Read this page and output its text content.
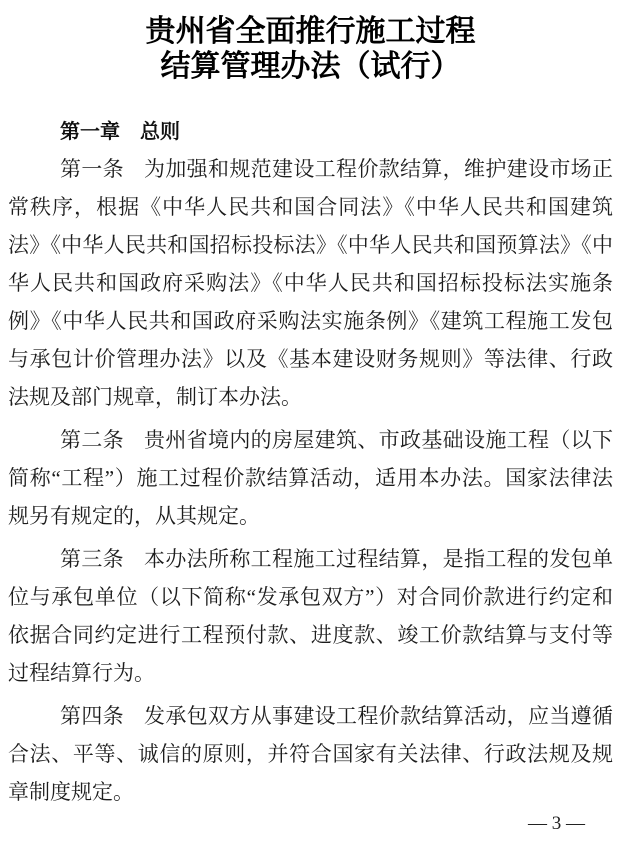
贵州省全面推行施工过程
结算管理办法（试行）
第一章　总则

第一条 为加强和规范建设工程价款结算，维护建设市场正常秩序，根据《中华人民共和国合同法》《中华人民共和国建筑法》《中华人民共和国招标投标法》《中华人民共和国预算法》《中华人民共和国政府采购法》《中华人民共和国招标投标法实施条例》《中华人民共和国政府采购法实施条例》《建筑工程施工发包与承包计价管理办法》以及《基本建设财务规则》等法律、行政法规及部门规章，制订本办法。

第二条 贵州省境内的房屋建筑、市政基础设施工程（以下简称“工程”）施工过程价款结算活动，适用本办法。国家法律法规另有规定的，从其规定。

第三条 本办法所称工程施工过程结算，是指工程的发包单位与承包单位（以下简称“发承包双方”）对合同价款进行约定和依据合同约定进行工程预付款、进度款、竣工价款结算与支付等过程结算行为。

第四条 发承包双方从事建设工程价款结算活动，应当遵循合法、平等、诚信的原则，并符合国家有关法律、行政法规及规章制度规定。

— 3 —
